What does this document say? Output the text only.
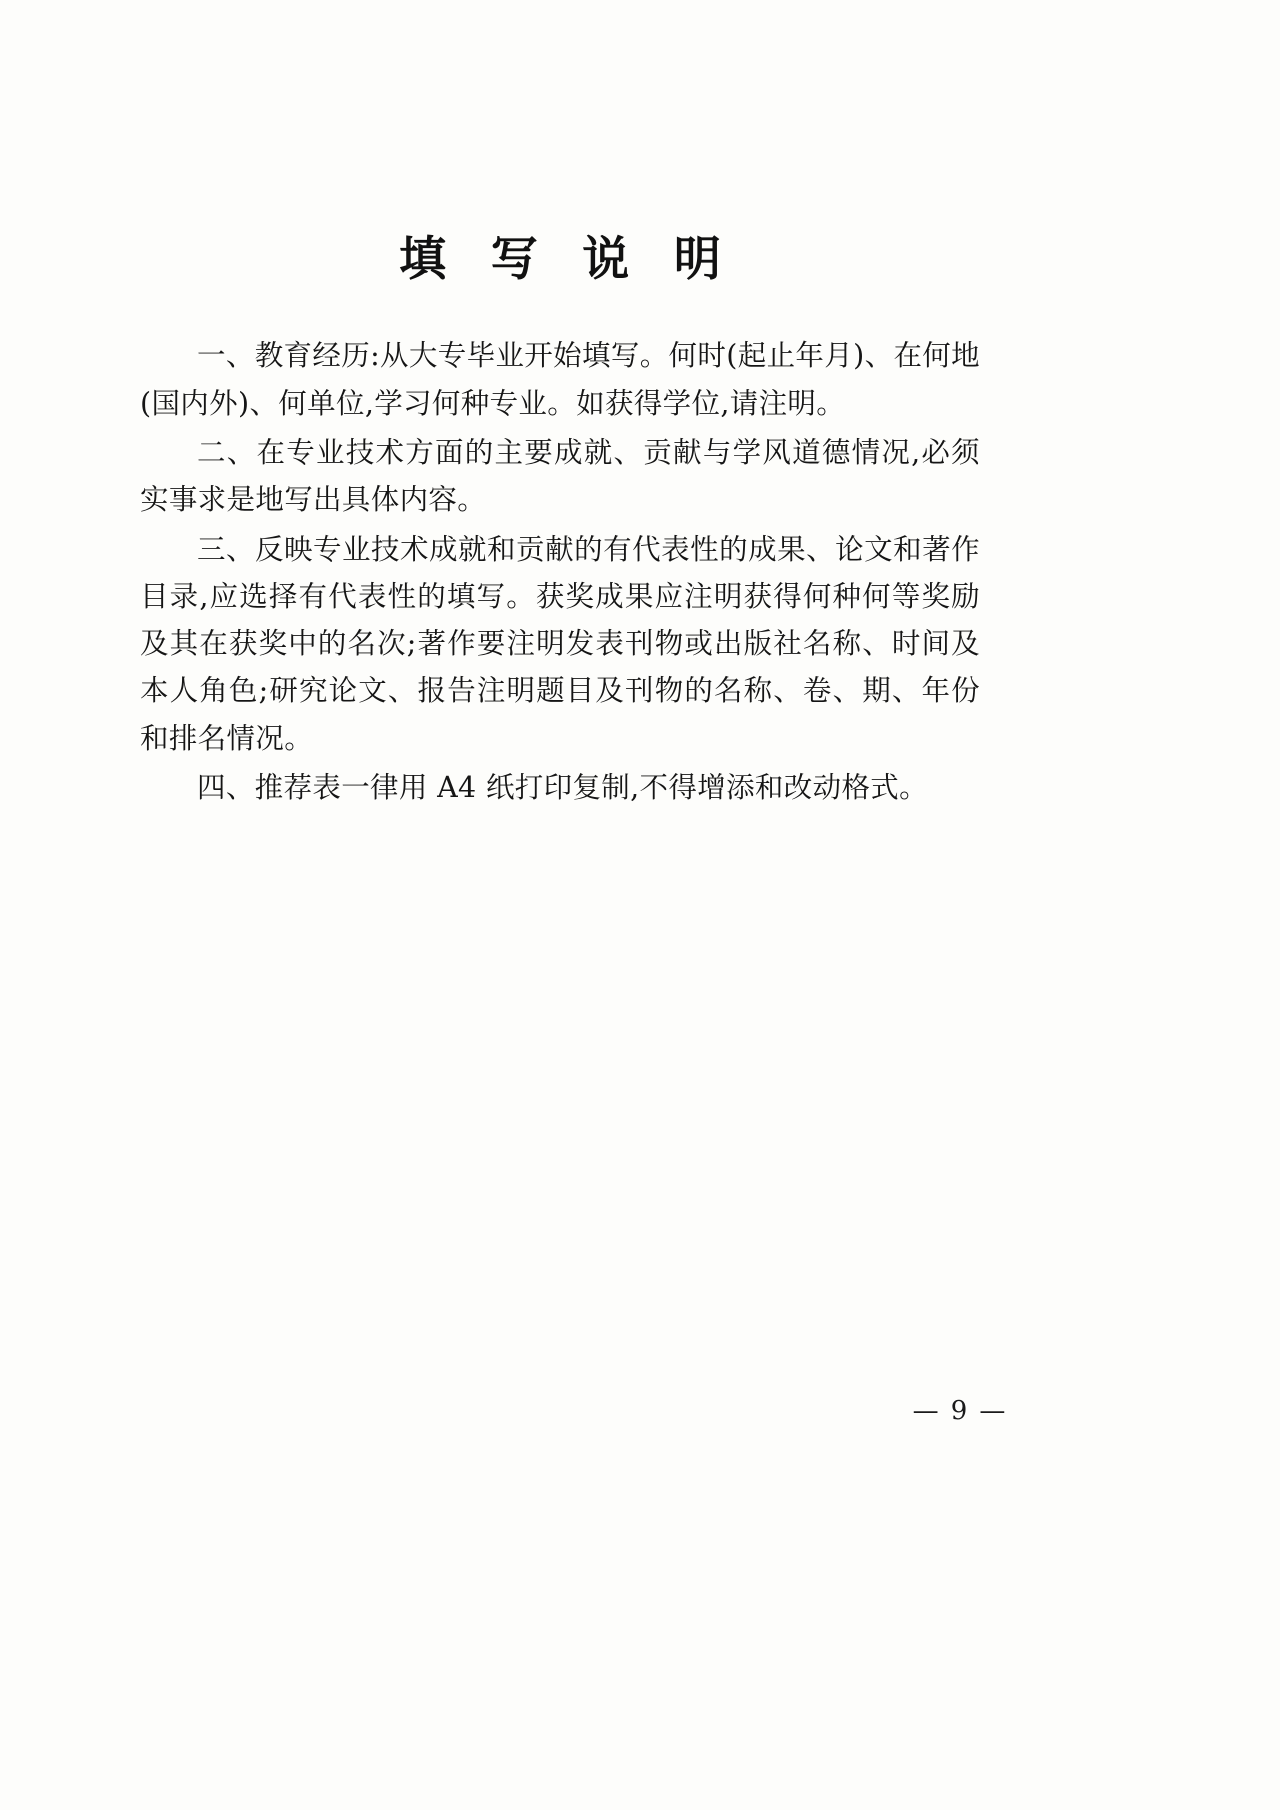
填 写 说 明

一、教育经历:从大专毕业开始填写。何时(起止年月)、在何地(国内外)、何单位,学习何种专业。如获得学位,请注明。

二、在专业技术方面的主要成就、贡献与学风道德情况,必须实事求是地写出具体内容。

三、反映专业技术成就和贡献的有代表性的成果、论文和著作目录,应选择有代表性的填写。获奖成果应注明获得何种何等奖励及其在获奖中的名次;著作要注明发表刊物或出版社名称、时间及本人角色;研究论文、报告注明题目及刊物的名称、卷、期、年份和排名情况。

四、推荐表一律用 A4 纸打印复制,不得增添和改动格式。

— 9 —
